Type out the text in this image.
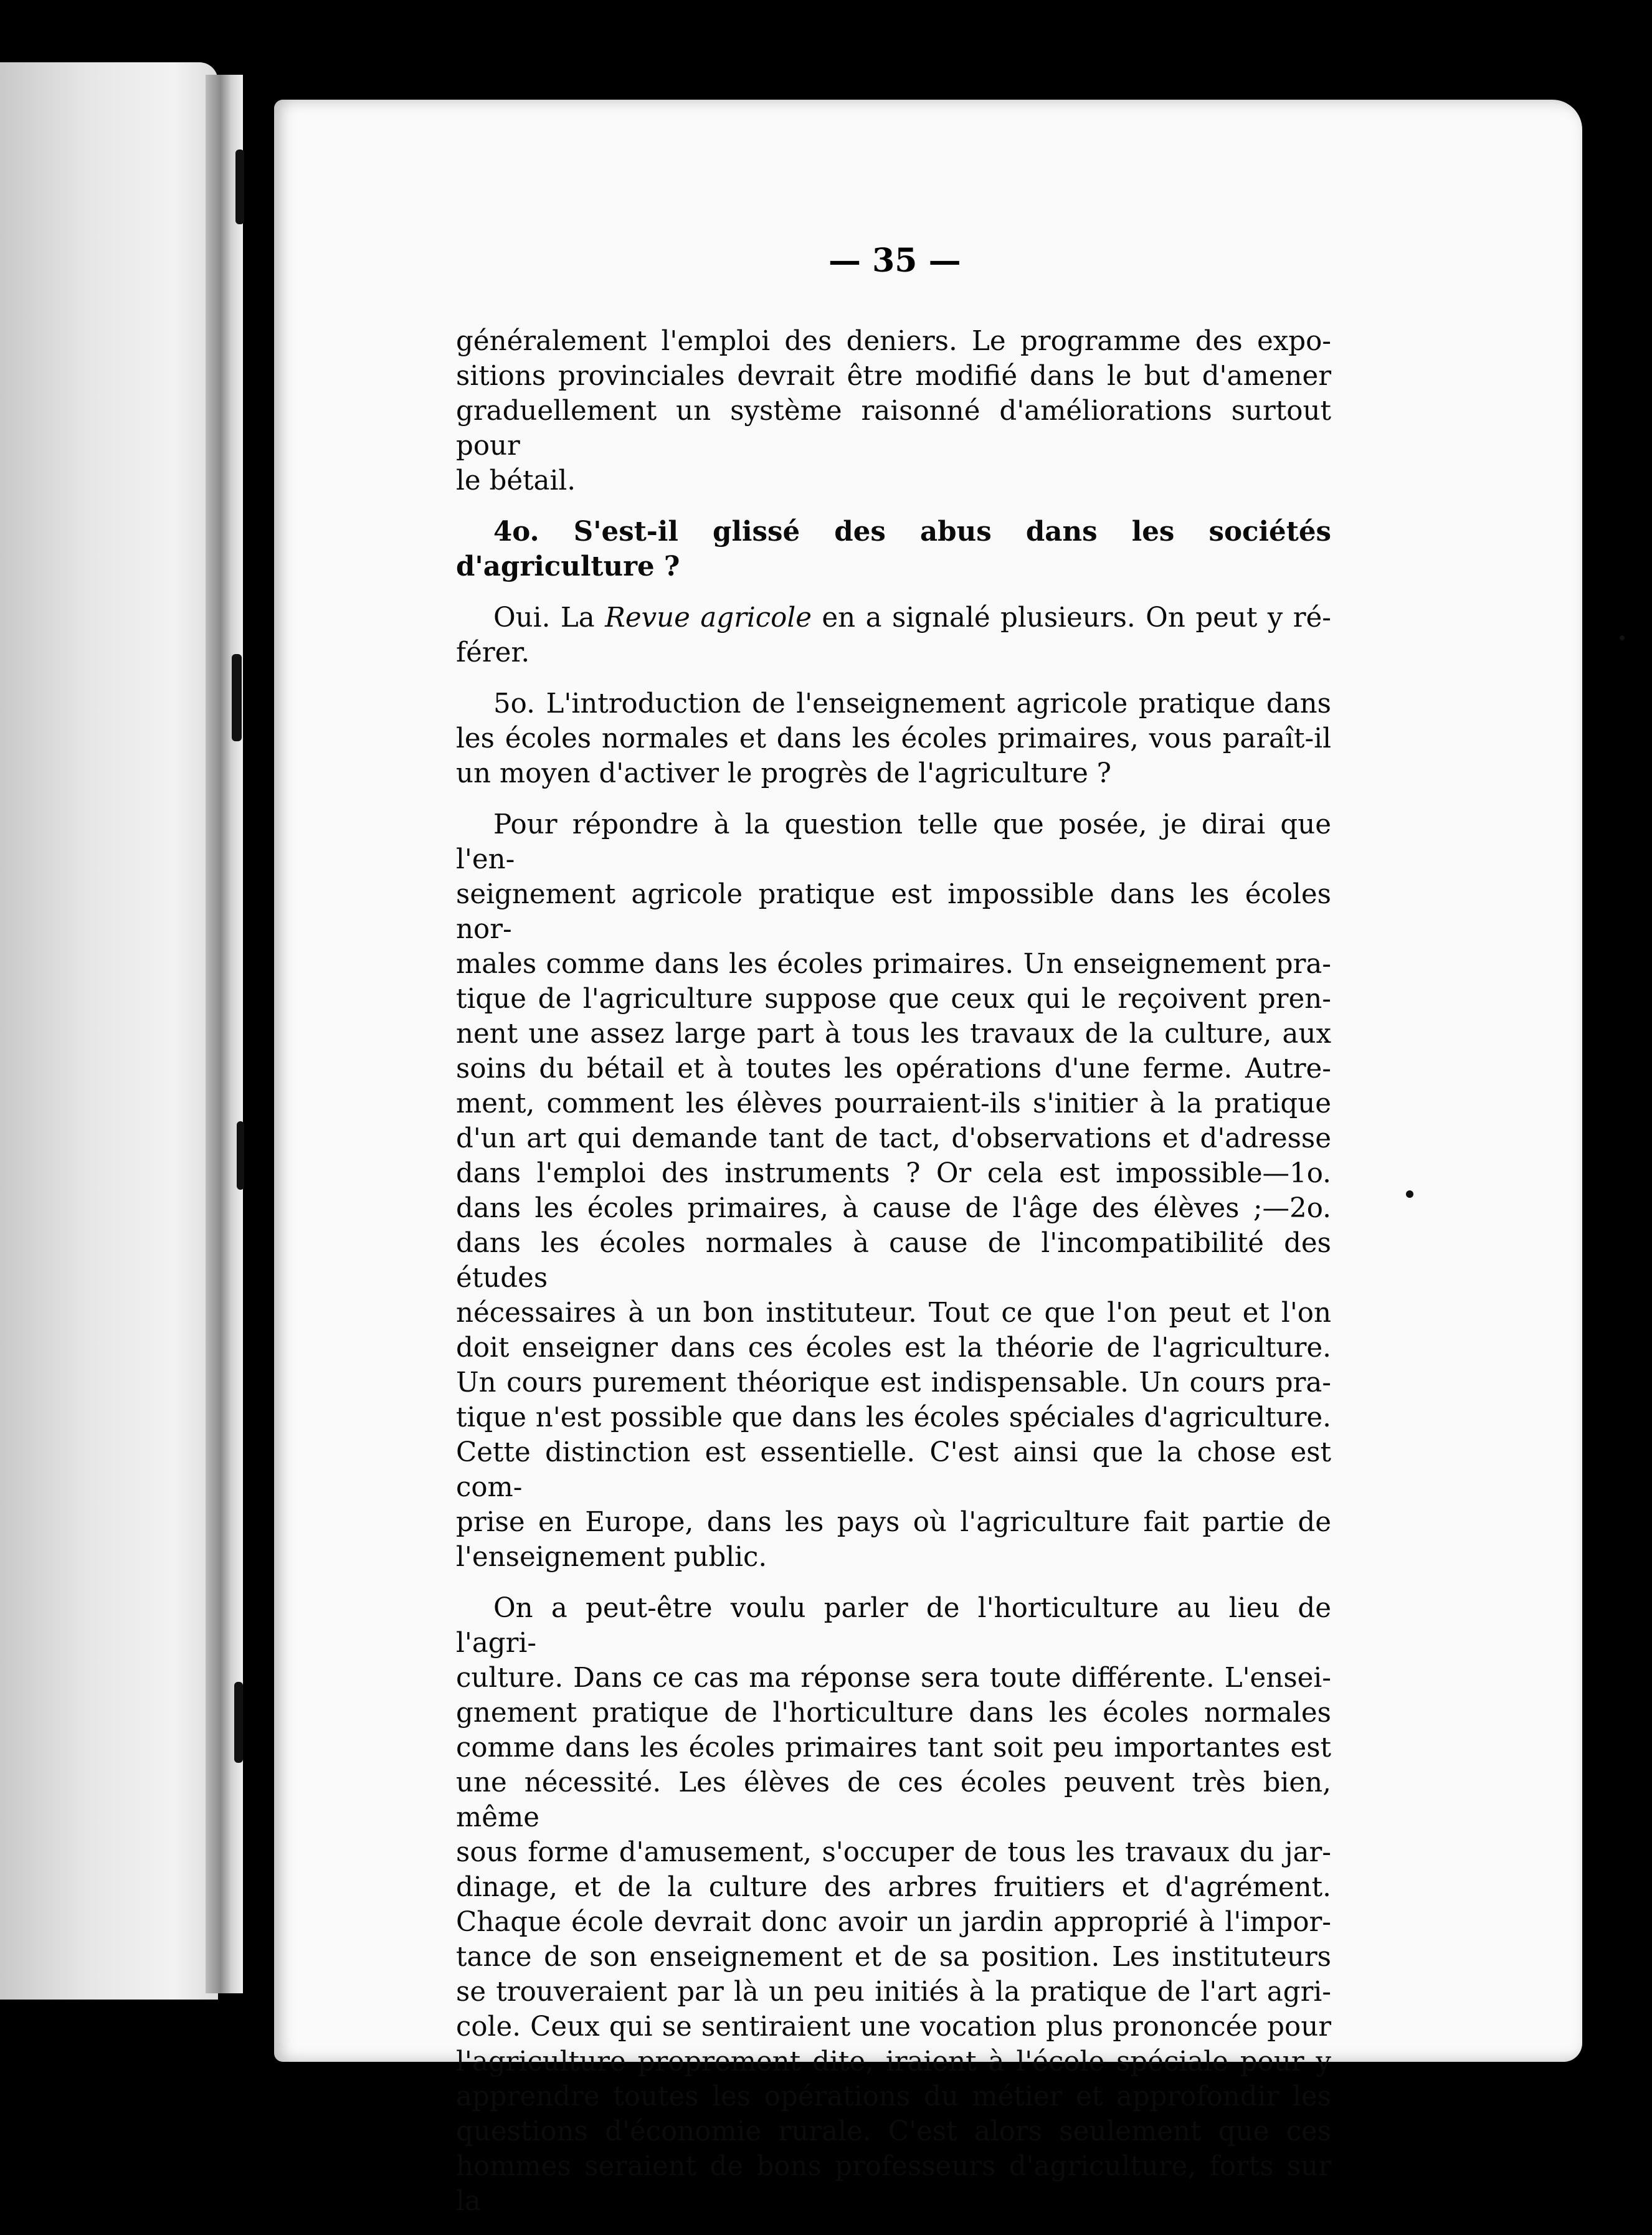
— 35 —

généralement l'emploi des deniers. Le programme des expo-
sitions provinciales devrait être modifié dans le but d'amener
graduellement un système raisonné d'améliorations surtout pour
le bétail.

4o. S'est-il glissé des abus dans les sociétés d'agriculture ?

Oui. La Revue agricole en a signalé plusieurs. On peut y ré-
férer.

5o. L'introduction de l'enseignement agricole pratique dans
les écoles normales et dans les écoles primaires, vous paraît-il
un moyen d'activer le progrès de l'agriculture ?

Pour répondre à la question telle que posée, je dirai que l'en-
seignement agricole pratique est impossible dans les écoles nor-
males comme dans les écoles primaires. Un enseignement pra-
tique de l'agriculture suppose que ceux qui le reçoivent pren-
nent une assez large part à tous les travaux de la culture, aux
soins du bétail et à toutes les opérations d'une ferme. Autre-
ment, comment les élèves pourraient-ils s'initier à la pratique
d'un art qui demande tant de tact, d'observations et d'adresse
dans l'emploi des instruments ? Or cela est impossible—1o.
dans les écoles primaires, à cause de l'âge des élèves ;—2o.
dans les écoles normales à cause de l'incompatibilité des études
nécessaires à un bon instituteur. Tout ce que l'on peut et l'on
doit enseigner dans ces écoles est la théorie de l'agriculture.
Un cours purement théorique est indispensable. Un cours pra-
tique n'est possible que dans les écoles spéciales d'agriculture.
Cette distinction est essentielle. C'est ainsi que la chose est com-
prise en Europe, dans les pays où l'agriculture fait partie de
l'enseignement public.

On a peut-être voulu parler de l'horticulture au lieu de l'agri-
culture. Dans ce cas ma réponse sera toute différente. L'ensei-
gnement pratique de l'horticulture dans les écoles normales
comme dans les écoles primaires tant soit peu importantes est
une nécessité. Les élèves de ces écoles peuvent très bien, même
sous forme d'amusement, s'occuper de tous les travaux du jar-
dinage, et de la culture des arbres fruitiers et d'agrément.
Chaque école devrait donc avoir un jardin approprié à l'impor-
tance de son enseignement et de sa position. Les instituteurs
se trouveraient par là un peu initiés à la pratique de l'art agri-
cole. Ceux qui se sentiraient une vocation plus prononcée pour
l'agriculture proprement dite, iraient à l'école spéciale pour y
apprendre toutes les opérations du métier et approfondir les
questions d'économie rurale. C'est alors seulement que ces
hommes seraient de bons professeurs d'agriculture, forts sur la
